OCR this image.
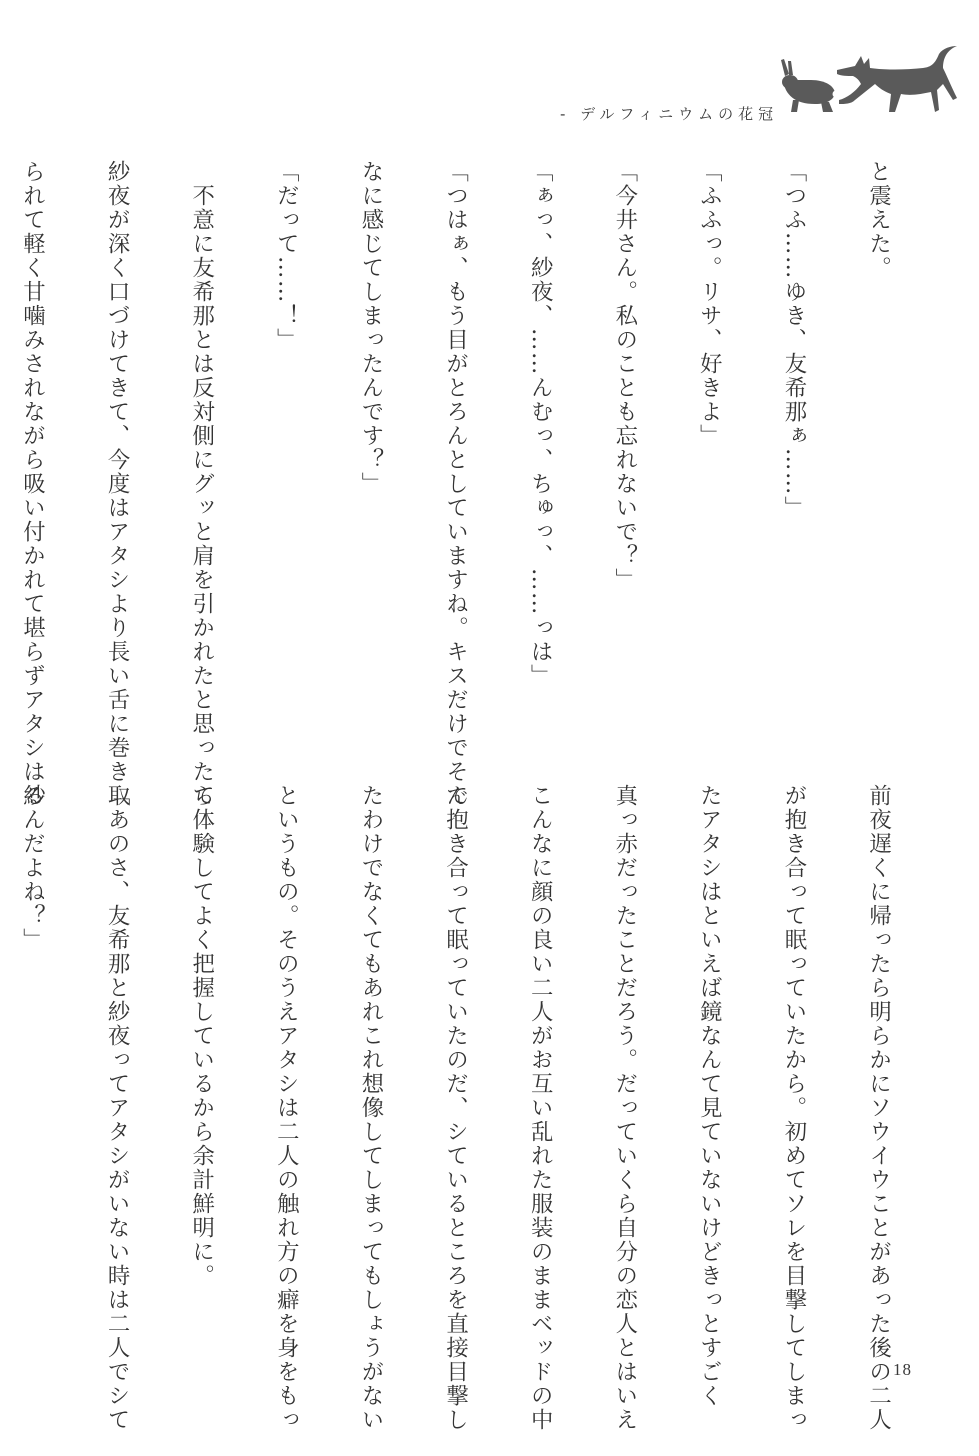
- デルフィニウムの花冠

と震えた。

「つふ……ゆき、友希那ぁ……」

「ふふっ。リサ、好きよ」

「今井さん。私のことも忘れないで？」

「ぁっ、紗夜、……んむっ、ちゅっ、……っは」

「つはぁ、もう目がとろんとしていますね。キスだけでそん

なに感じてしまったんです？」

「だって……！」

　不意に友希那とは反対側にグッと肩を引かれたと思ったら

紗夜が深く口づけてきて、今度はアタシより長い舌に巻き取

られて軽く甘噛みされながら吸い付かれて堪らずアタシは紗

前夜遅くに帰ったら明らかにソウイウことがあった後の二人

が抱き合って眠っていたから。初めてソレを目撃してしまっ

たアタシはといえば鏡なんて見ていないけどきっとすごく

真っ赤だったことだろう。だっていくら自分の恋人とはいえ

こんなに顔の良い二人がお互い乱れた服装のままベッドの中

で抱き合って眠っていたのだ、シているところを直接目撃し

たわけでなくてもあれこれ想像してしまってもしょうがない

というもの。そのうえアタシは二人の触れ方の癖を身をもっ

て体験してよく把握しているから余計鮮明に。

「あのさ、友希那と紗夜ってアタシがいない時は二人でシて

るんだよね？」

18
